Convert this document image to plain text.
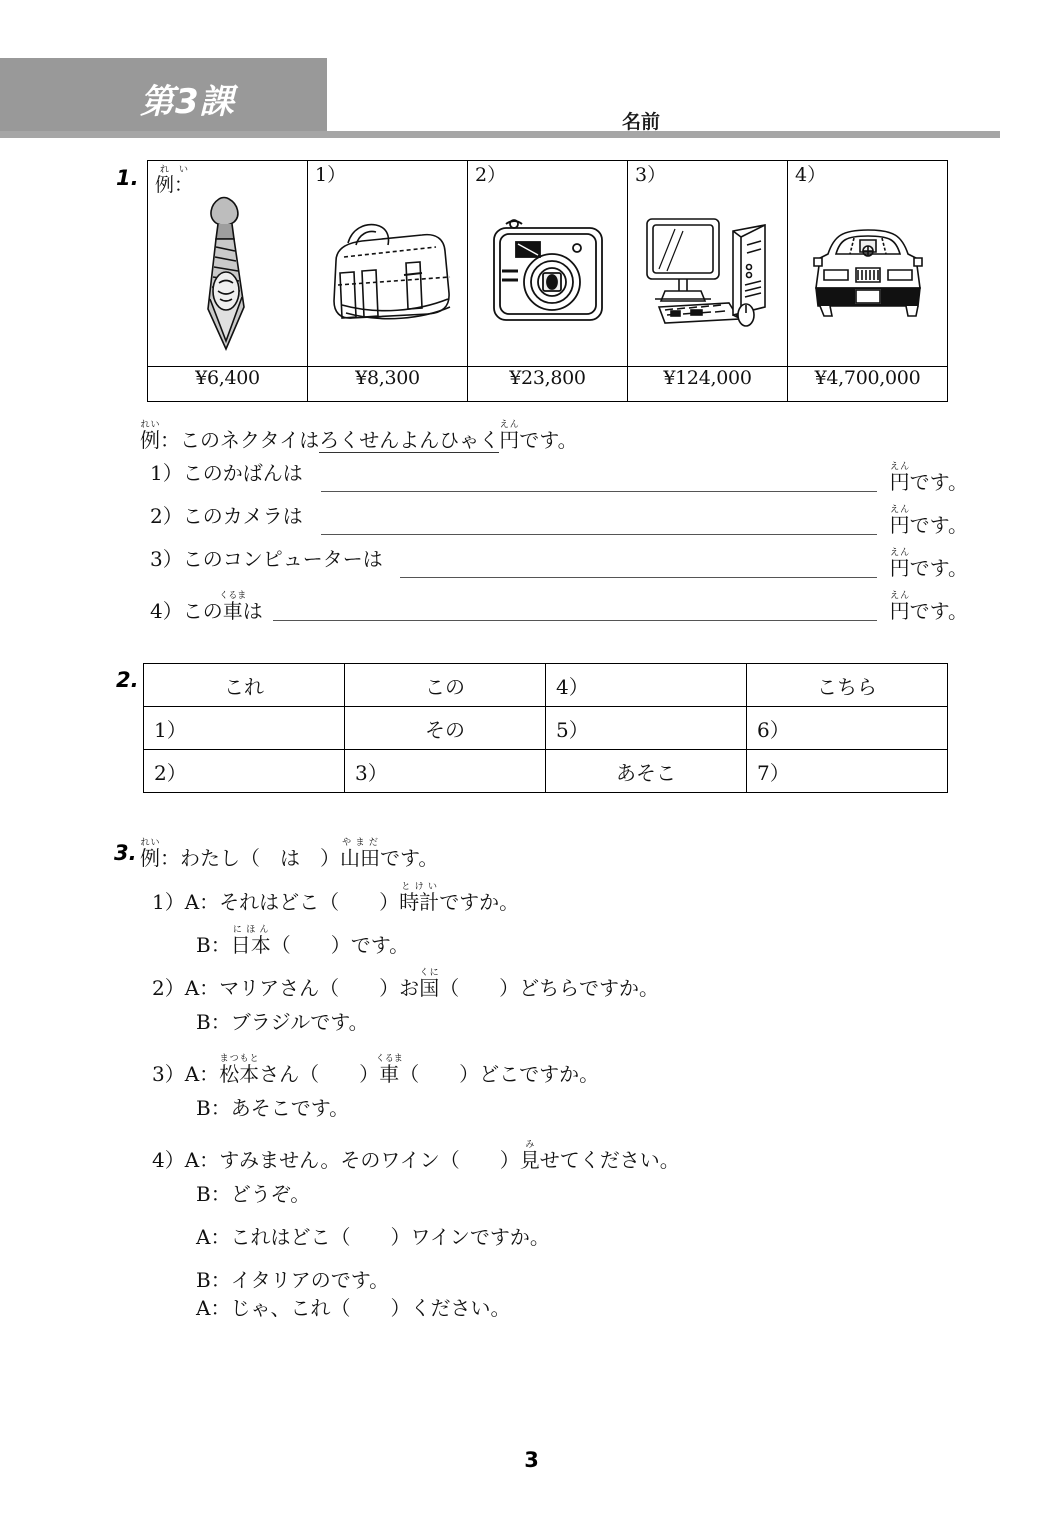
第3課	名前
1. 例：れい	1）	2）	3）	4）

¥6,400	¥8,300	¥23,800	¥124,000	¥4,700,000
例れい：このネクタイはろくせんよんひゃく円えんです。
1）このかばんは	円えんです。
2）このカメラは	円えんです。
3）このコンピューターは	円えんです。
4）この車くるまは	円えんです。
2.	これ	この	4）	こちら
1）	その	5）	6）
2）	3）	あそこ	7）
3. 例れい：わたし（　は　）山田やまだです。
1）A：それはどこ（　　）時計とけいですか。
B：日本にほん（　　）です。
2）A：マリアさん（　　）お国くに（　　）どちらですか。
B：ブラジルです。
3）A：松本まつもとさん（　　）車くるま（　　）どこですか。
B：あそこです。
4）A：すみません。そのワイン（　　）見みせてください。
B：どうぞ。
A：これはどこ（　　）ワインですか。
B：イタリアのです。
A：じゃ、これ（　　）ください。
3
